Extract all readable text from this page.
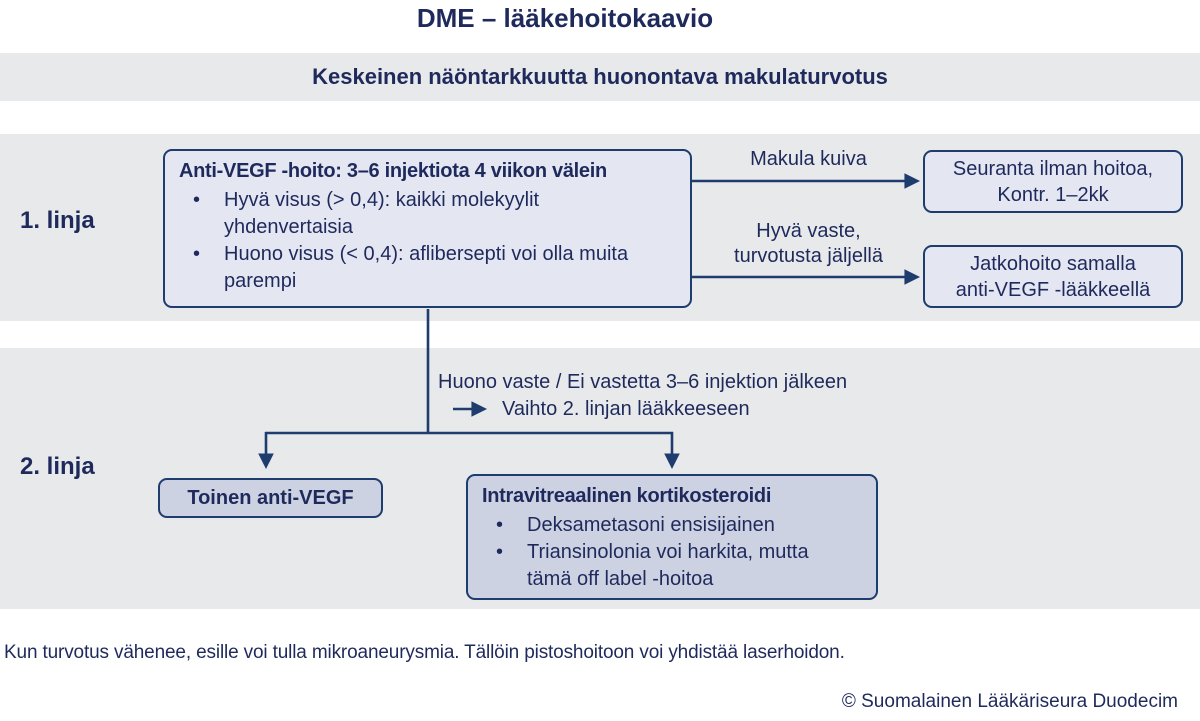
DME – lääkehoitokaavio
Keskeinen näöntarkkuutta huonontava makulaturvotus
1. linja
2. linja
Anti-VEGF -hoito: 3–6 injektiota 4 viikon välein
• Hyvä visus (> 0,4): kaikki molekyylit yhdenvertaisia
• Huono visus (< 0,4): aflibersepti voi olla muita parempi
Seuranta ilman hoitoa,
Kontr. 1–2kk
Jatkohoito samalla
anti-VEGF -lääkkeellä
Makula kuiva
Hyvä vaste,
turvotusta jäljellä
Huono vaste / Ei vastetta 3–6 injektion jälkeen
Vaihto 2. linjan lääkkeeseen
Toinen anti-VEGF	Intravitreaalinen kortikosteroidi
• Deksametasoni ensisijainen
• Triansinolonia voi harkita, mutta tämä off label -hoitoa
Kun turvotus vähenee, esille voi tulla mikroaneurysmia. Tällöin pistoshoitoon voi yhdistää laserhoidon.
© Suomalainen Lääkäriseura Duodecim
